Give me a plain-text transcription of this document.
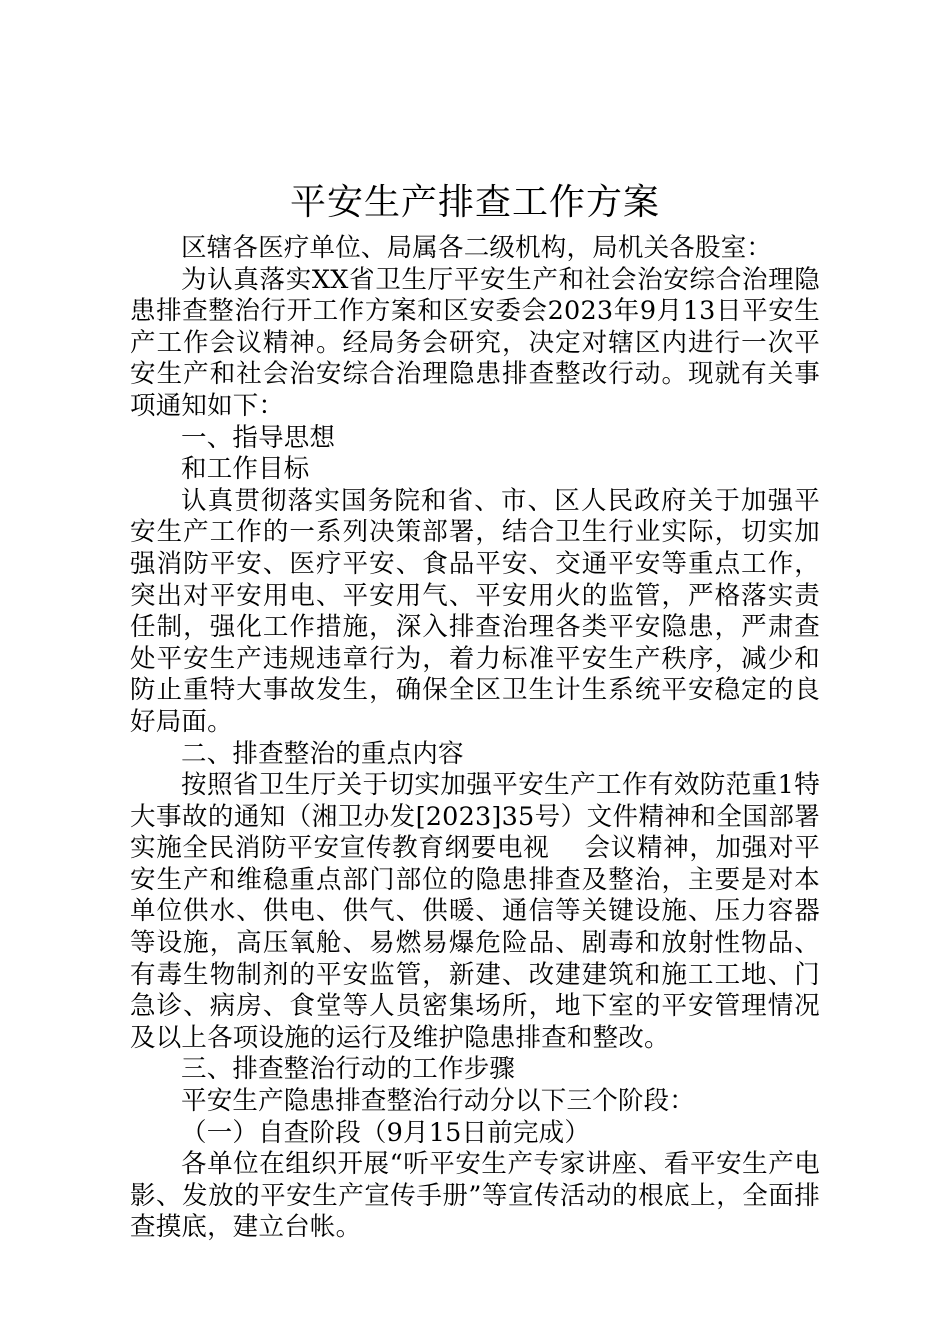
平安生产排查工作方案

区辖各医疗单位、局属各二级机构，局机关各股室：

为认真落实XX省卫生厅平安生产和社会治安综合治理隐患排查整治行开工作方案和区安委会2023年9月13日平安生产工作会议精神。经局务会研究，决定对辖区内进行一次平安生产和社会治安综合治理隐患排查整改行动。现就有关事项通知如下：

一、指导思想

和工作目标

认真贯彻落实国务院和省、市、区人民政府关于加强平安生产工作的一系列决策部署，结合卫生行业实际，切实加强消防平安、医疗平安、食品平安、交通平安等重点工作，突出对平安用电、平安用气、平安用火的监管，严格落实责任制，强化工作措施，深入排查治理各类平安隐患，严肃查处平安生产违规违章行为，着力标准平安生产秩序，减少和防止重特大事故发生，确保全区卫生计生系统平安稳定的良好局面。

二、排查整治的重点内容

按照省卫生厅关于切实加强平安生产工作有效防范重1特大事故的通知（湘卫办发[2023]35号）文件精神和全国部署实施全民消防平安宣传教育纲要电视　 会议精神，加强对平安生产和维稳重点部门部位的隐患排查及整治，主要是对本单位供水、供电、供气、供暖、通信等关键设施、压力容器等设施，高压氧舱、易燃易爆危险品、剧毒和放射性物品、有毒生物制剂的平安监管，新建、改建建筑和施工工地、门急诊、病房、食堂等人员密集场所，地下室的平安管理情况及以上各项设施的运行及维护隐患排查和整改。

三、排查整治行动的工作步骤

平安生产隐患排查整治行动分以下三个阶段：

（一）自查阶段（9月15日前完成）

各单位在组织开展“听平安生产专家讲座、看平安生产电影、发放的平安生产宣传手册”等宣传活动的根底上，全面排查摸底，建立台帐。
